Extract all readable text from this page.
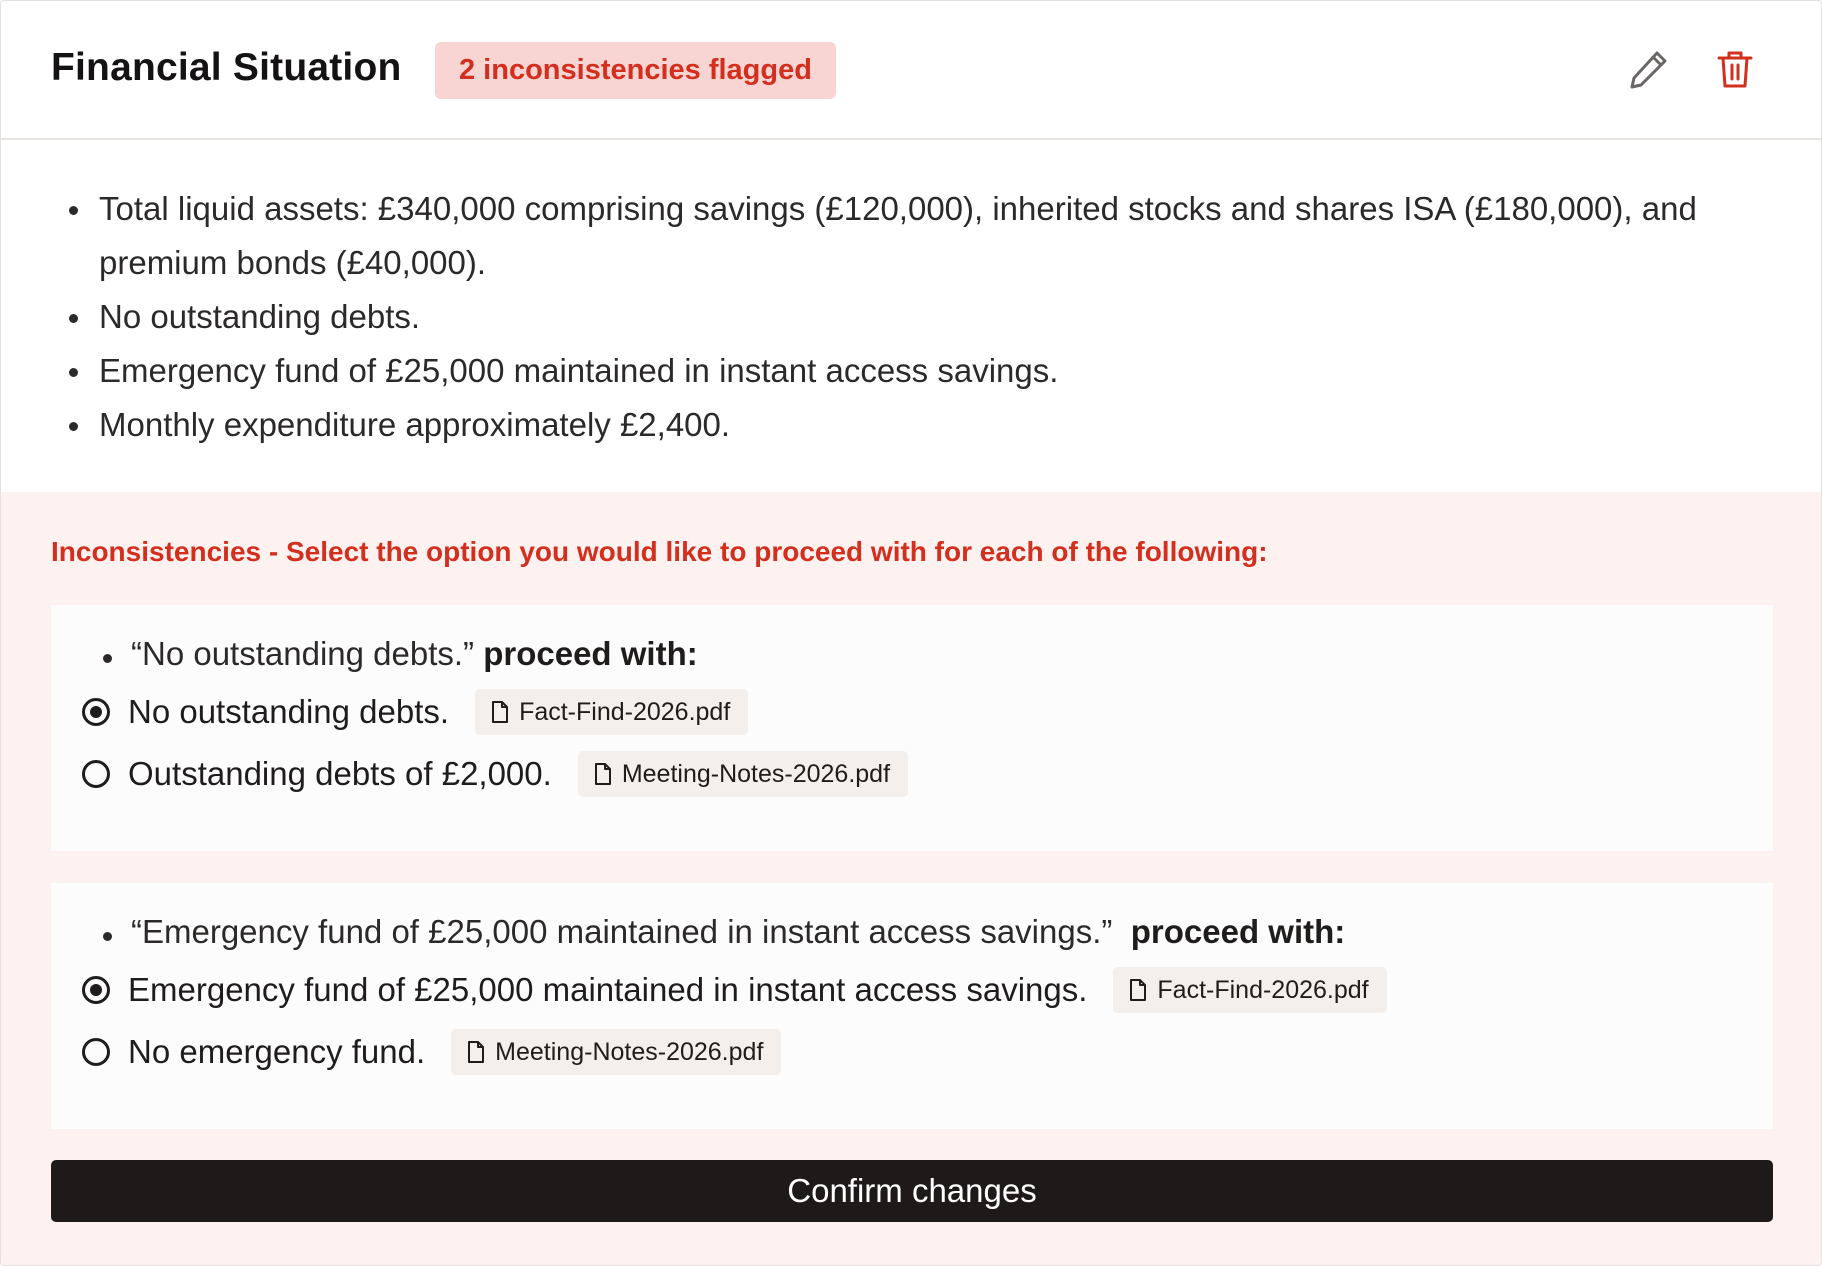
Financial Situation	2 inconsistencies flagged
Total liquid assets: £340,000 comprising savings (£120,000), inherited stocks and shares ISA (£180,000), and premium bonds (£40,000).
No outstanding debts.
Emergency fund of £25,000 maintained in instant access savings.
Monthly expenditure approximately £2,400.
Inconsistencies - Select the option you would like to proceed with for each of the following:
“No outstanding debts.” proceed with:
No outstanding debts.	Fact-Find-2026.pdf
Outstanding debts of £2,000.	Meeting-Notes-2026.pdf
“Emergency fund of £25,000 maintained in instant access savings.” proceed with:
Emergency fund of £25,000 maintained in instant access savings.	Fact-Find-2026.pdf
No emergency fund.	Meeting-Notes-2026.pdf
Confirm changes
